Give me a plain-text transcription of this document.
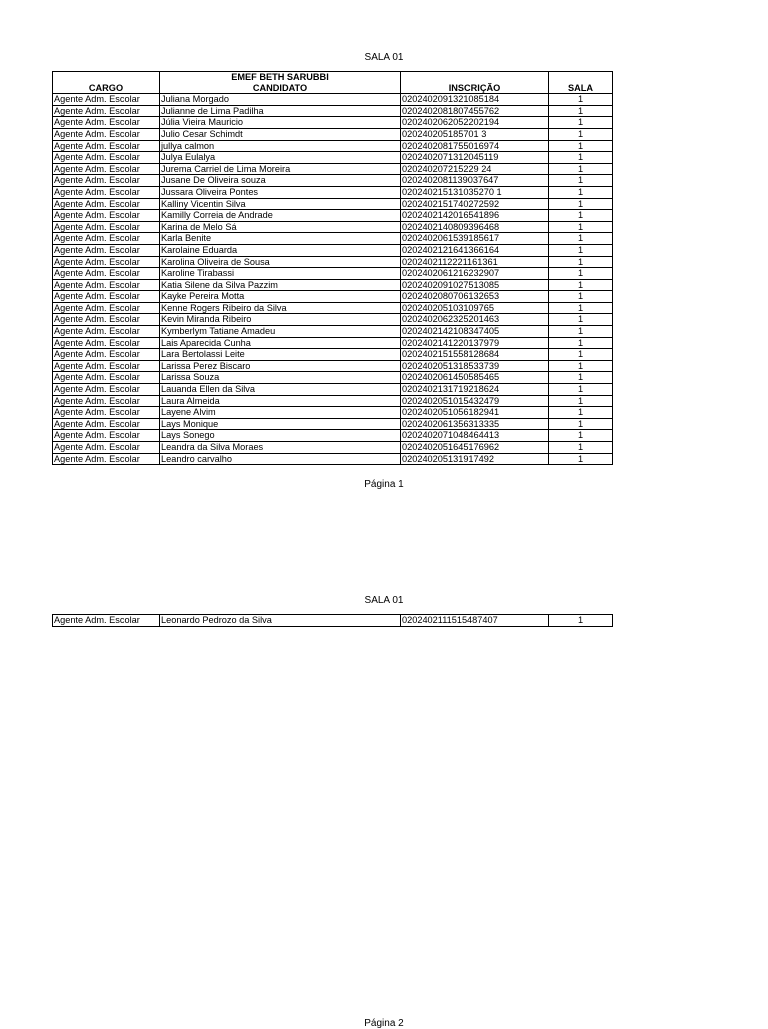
SALA 01
	EMEF BETH SARUBBI		
CARGO	CANDIDATO	INSCRIÇÃO	SALA
Agente Adm. Escolar	Juliana Morgado	0202402091321085184	1
Agente Adm. Escolar	Julianne de Lima Padilha	0202402081807455762	1
Agente Adm. Escolar	Júlia Vieira Mauricio	0202402062052202194	1
Agente Adm. Escolar	Julio Cesar Schimdt	020240205185701 3	1
Agente Adm. Escolar	jullya calmon	0202402081755016974	1
Agente Adm. Escolar	Julya Eulalya	0202402071312045119	1
Agente Adm. Escolar	Jurema Carriel de Lima Moreira	020240207215229 24	1
Agente Adm. Escolar	Jusane De Oliveira souza	0202402081139037647	1
Agente Adm. Escolar	Jussara Oliveira Pontes	020240215131035270 1	1
Agente Adm. Escolar	Kalliny Vicentin Silva	0202402151740272592	1
Agente Adm. Escolar	Kamilly Correia de Andrade	0202402142016541896	1
Agente Adm. Escolar	Karina de Melo Sá	0202402140809396468	1
Agente Adm. Escolar	Karla Benite	0202402061539185617	1
Agente Adm. Escolar	Karolaine Eduarda	0202402121641366164	1
Agente Adm. Escolar	Karolina Oliveira de Sousa	0202402112221161361	1
Agente Adm. Escolar	Karoline Tirabassi	0202402061216232907	1
Agente Adm. Escolar	Katia Silene da Silva Pazzim	0202402091027513085	1
Agente Adm. Escolar	Kayke Pereira Motta	0202402080706132653	1
Agente Adm. Escolar	Kenne Rogers Ribeiro da Silva	020240205103109765	1
Agente Adm. Escolar	Kevin Miranda Ribeiro	0202402062325201463	1
Agente Adm. Escolar	Kymberlym Tatiane Amadeu	0202402142108347405	1
Agente Adm. Escolar	Lais Aparecida Cunha	0202402141220137979	1
Agente Adm. Escolar	Lara Bertolassi Leite	0202402151558128684	1
Agente Adm. Escolar	Larissa Perez Biscaro	0202402051318533739	1
Agente Adm. Escolar	Larissa Souza	0202402061450585465	1
Agente Adm. Escolar	Lauanda Ellen da Silva	0202402131719218624	1
Agente Adm. Escolar	Laura Almeida	0202402051015432479	1
Agente Adm. Escolar	Layene Alvim	0202402051056182941	1
Agente Adm. Escolar	Lays Monique	0202402061356313335	1
Agente Adm. Escolar	Lays Sonego	0202402071048464413	1
Agente Adm. Escolar	Leandra da Silva Moraes	0202402051645176962	1
Agente Adm. Escolar	Leandro carvalho	020240205131917492	1
Página 1
SALA 01
Agente Adm. Escolar	Leonardo Pedrozo da Silva	0202402111515487407	1
Página 2
